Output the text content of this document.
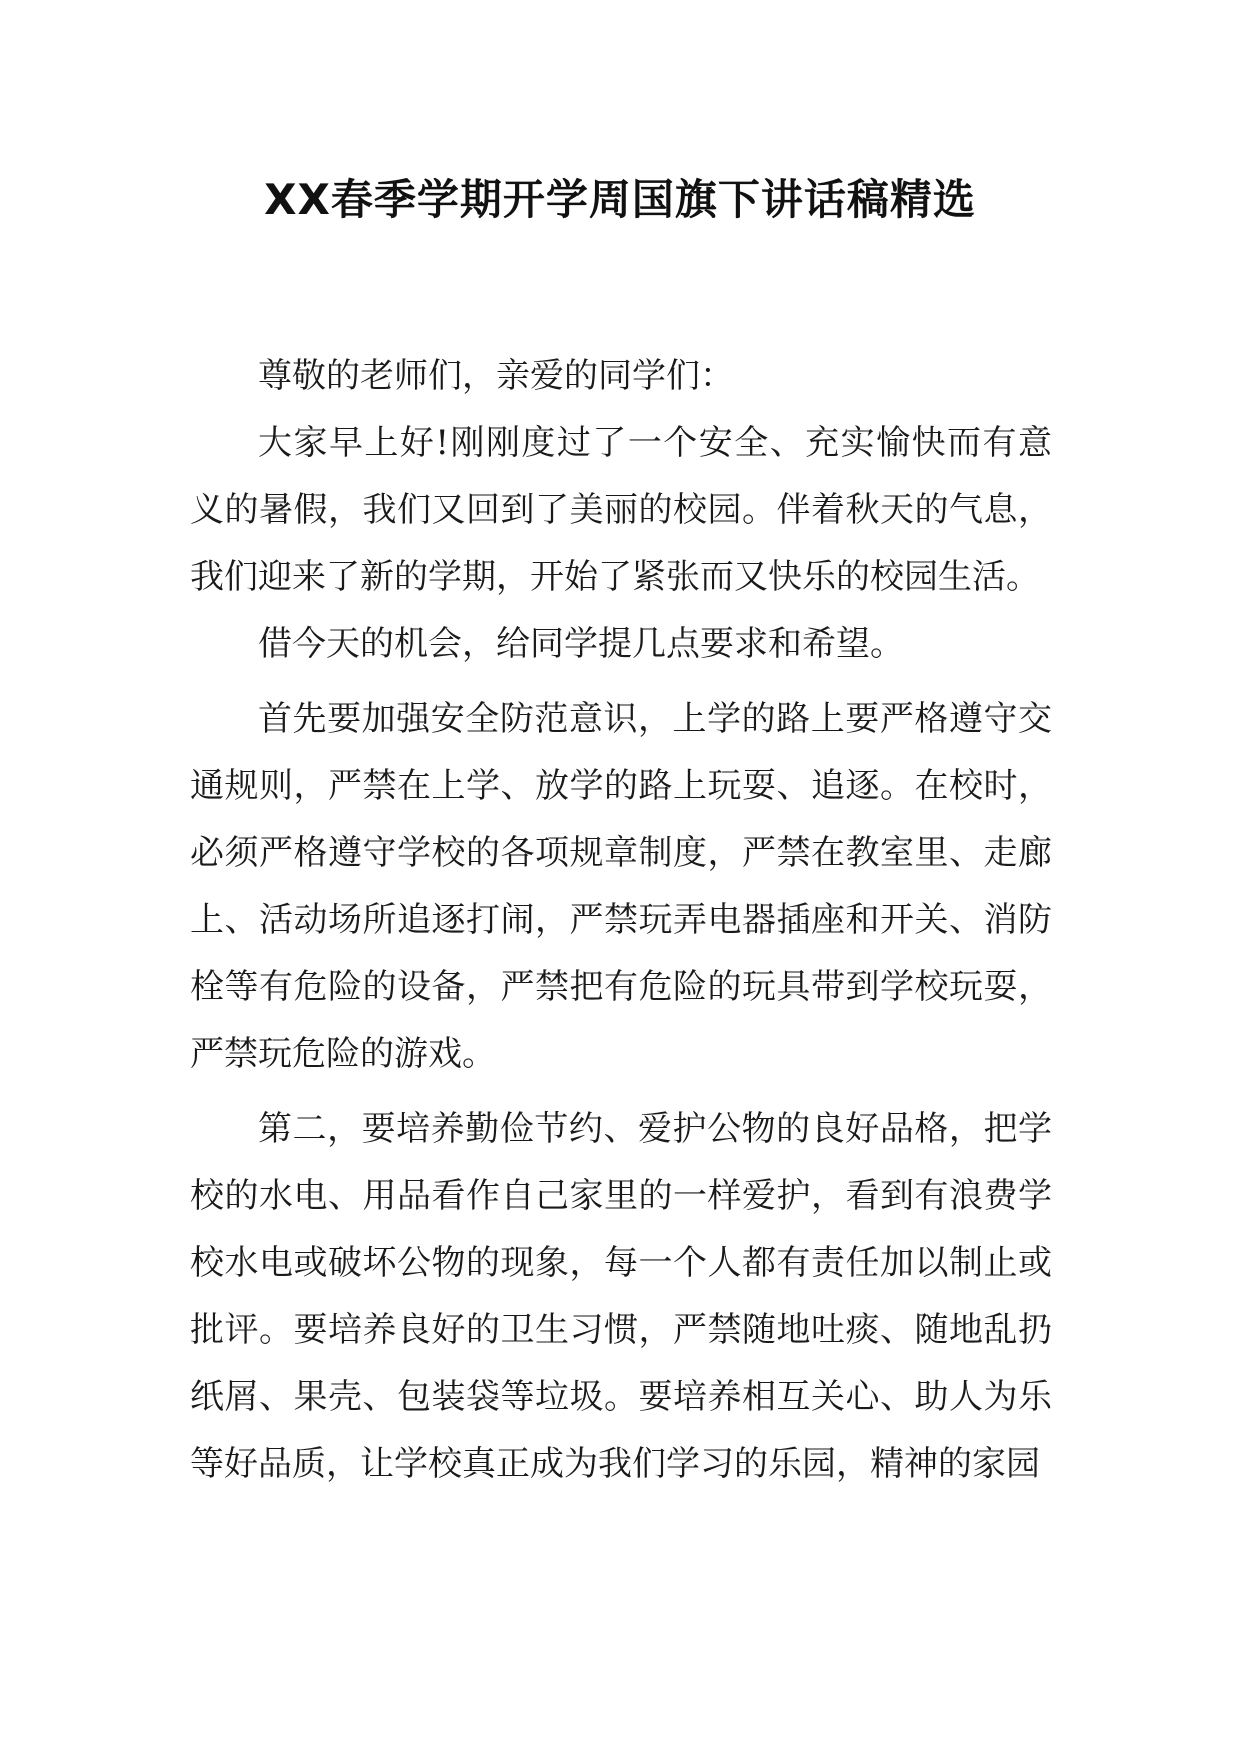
XX春季学期开学周国旗下讲话稿精选

尊敬的老师们，亲爱的同学们：

大家早上好!刚刚度过了一个安全、充实愉快而有意义的暑假，我们又回到了美丽的校园。伴着秋天的气息，我们迎来了新的学期，开始了紧张而又快乐的校园生活。

借今天的机会，给同学提几点要求和希望。

首先要加强安全防范意识，上学的路上要严格遵守交通规则，严禁在上学、放学的路上玩耍、追逐。在校时，必须严格遵守学校的各项规章制度，严禁在教室里、走廊上、活动场所追逐打闹，严禁玩弄电器插座和开关、消防栓等有危险的设备，严禁把有危险的玩具带到学校玩耍，严禁玩危险的游戏。

第二，要培养勤俭节约、爱护公物的良好品格，把学校的水电、用品看作自己家里的一样爱护，看到有浪费学校水电或破坏公物的现象，每一个人都有责任加以制止或批评。要培养良好的卫生习惯，严禁随地吐痰、随地乱扔纸屑、果壳、包装袋等垃圾。要培养相互关心、助人为乐等好品质，让学校真正成为我们学习的乐园，精神的家园
